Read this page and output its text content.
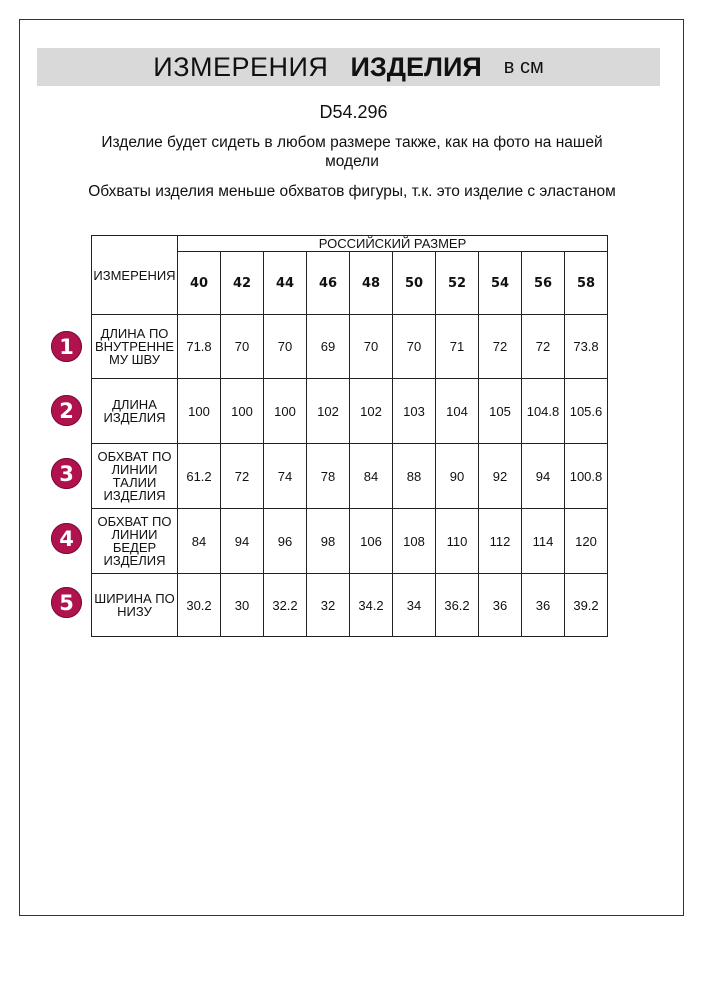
ИЗМЕРЕНИЯ ИЗДЕЛИЯ в см
D54.296
Изделие будет сидеть в любом размере также, как на фото на нашей модели
Обхваты изделия меньше обхватов фигуры, т.к. это изделие с эластаном
ИЗМЕРЕНИЯ	РОССИЙСКИЙ РАЗМЕР									
	40	42	44	46	48	50	52	54	56	58
ДЛИНА ПО ВНУТРЕННЕ МУ ШВУ	71.8	70	70	69	70	70	71	72	72	73.8
ДЛИНА ИЗДЕЛИЯ	100	100	100	102	102	103	104	105	104.8	105.6
ОБХВАТ ПО ЛИНИИ ТАЛИИ ИЗДЕЛИЯ	61.2	72	74	78	84	88	90	92	94	100.8
ОБХВАТ ПО ЛИНИИ БЕДЕР ИЗДЕЛИЯ	84	94	96	98	106	108	110	112	114	120
ШИРИНА ПО НИЗУ	30.2	30	32.2	32	34.2	34	36.2	36	36	39.2
1
2
3
4
5
